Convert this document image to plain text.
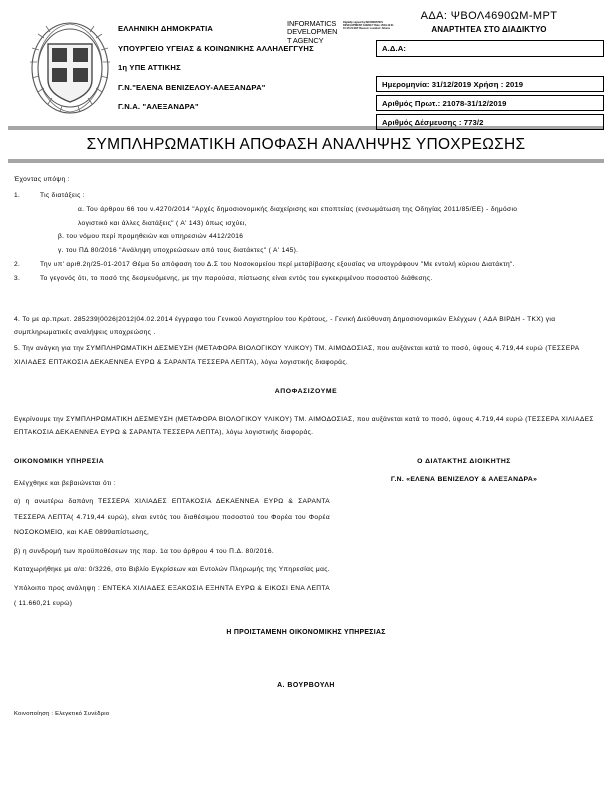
ΕΛΛΗΝΙΚΗ ΔΗΜΟΚΡΑΤΙΑ
ΥΠΟΥΡΓΕΙΟ ΥΓΕΙΑΣ & ΚΟΙΝΩΝΙΚΗΣ ΑΛΛΗΛΕΓΓΥΗΣ
1η ΥΠΕ ΑΤΤΙΚΗΣ
Γ.Ν."ΕΛΕΝΑ ΒΕΝΙΖΕΛΟΥ-ΑΛΕΞΑΝΔΡΑ"
Γ.Ν.Α. "ΑΛΕΞΑΝΔΡΑ"
INFORMATICS
DEVELOPMEN
T AGENCY
Digitally signed by INFORMATICS DEVELOPMENT AGENCY Date: 2019.12.31 10:15:21 EET Reason: Location: Athens
ΑΔΑ: ΨΒΟΛ4690ΩΜ-ΜΡΤ
ΑΝΑΡΤΗΤΕΑ ΣΤΟ ΔΙΑΔΙΚΤΥΟ
Α.Δ.Α:
Ημερομηνία: 31/12/2019 Χρήση : 2019
Αριθμός Πρωτ.: 21078-31/12/2019
Αριθμός Δέσμευσης : 773/2
ΣΥΜΠΛΗΡΩΜΑΤΙΚΗ ΑΠΟΦΑΣΗ ΑΝΑΛΗΨΗΣ ΥΠΟΧΡΕΩΣΗΣ
Έχοντας υπόψη :
1.	Τις διατάξεις :
α. Του άρθρου 66 του ν.4270/2014 "Αρχές δημοσιονομικής διαχείρισης και εποπτείας (ενσωμάτωση της Οδηγίας 2011/85/ΕΕ) - δημόσιο
λογιστικό και άλλες διατάξεις" ( Α' 143) όπως ισχύει,
β. του νόμου περί προμηθειών και υπηρεσιών 4412/2016
γ. του ΠΔ 80/2016 "Ανάληψη υποχρεώσεων από τους διατάκτες" ( Α' 145).
2.	Την υπ' αριθ.2η/25-01-2017 Θέμα 5ο απόφαση του Δ.Σ του Νοσοκομείου περί μεταβίβασης εξουσίας να υπογράφουν "Με εντολή κύριου Διατάκτη".
3.	Το γεγονός ότι, το ποσό της δεσμευόμενης, με την παρούσα, πίστωσης είναι εντός του εγκεκριμένου ποσοστού διάθεσης.
4. Το με αρ.πρωτ. 285239|0026|2012|04.02.2014 έγγραφο του Γενικού Λογιστηρίου του Κράτους, - Γενική Διεύθυνση Δημοσιονομικών Ελέγχων ( ΑΔΑ ΒΙΡΔΗ - ΤΚΧ) για συμπληρωματικές αναλήψεις υποχρεώσης .
5. Την ανάγκη για την ΣΥΜΠΛΗΡΩΜΑΤΙΚΗ ΔΕΣΜΕΥΣΗ (ΜΕΤΑΦΟΡΑ ΒΙΟΛΟΓΙΚΟΥ ΥΛΙΚΟΥ) ΤΜ. ΑΙΜΟΔΟΣΙΑΣ, που αυξάνεται κατά το ποσό, ύψους 4.719,44 ευρώ (ΤΕΣΣΕΡΑ ΧΙΛΙΑΔΕΣ ΕΠΤΑΚΟΣΙΑ ΔΕΚΑΕΝΝΕΑ ΕΥΡΩ & ΣΑΡΑΝΤΑ ΤΕΣΣΕΡΑ ΛΕΠΤΑ), λόγω λογιστικής διαφοράς.
ΑΠΟΦΑΣΙΖΟΥΜΕ
Εγκρίνουμε την ΣΥΜΠΛΗΡΩΜΑΤΙΚΗ ΔΕΣΜΕΥΣΗ (ΜΕΤΑΦΟΡΑ ΒΙΟΛΟΓΙΚΟΥ ΥΛΙΚΟΥ) ΤΜ. ΑΙΜΟΔΟΣΙΑΣ, που αυξάνεται κατά το ποσό, ύψους 4.719,44 ευρώ (ΤΕΣΣΕΡΑ ΧΙΛΙΑΔΕΣ ΕΠΤΑΚΟΣΙΑ ΔΕΚΑΕΝΝΕΑ ΕΥΡΩ & ΣΑΡΑΝΤΑ ΤΕΣΣΕΡΑ ΛΕΠΤΑ), λόγω λογιστικής διαφοράς.
ΟΙΚΟΝΟΜΙΚΗ ΥΠΗΡΕΣΙΑ
Ελέγχθηκε και βεβαιώνεται ότι :
α) η ανωτέρω δαπάνη ΤΕΣΣΕΡΑ ΧΙΛΙΑΔΕΣ ΕΠΤΑΚΟΣΙΑ ΔΕΚΑΕΝΝΕΑ ΕΥΡΩ & ΣΑΡΑΝΤΑ ΤΕΣΣΕΡΑ ΛΕΠΤΑ( 4.719,44 ευρώ), είναι εντός του διαθέσιμου ποσοστού του Φορέα του Φορέα ΝΟΣΟΚΟΜΕΙΟ, και ΚΑΕ 0899απίστωσης,
β) η συνδρομή των προϋποθέσεων της παρ. 1α του άρθρου 4 του Π.Δ. 80/2016.
Καταχωρήθηκε με α/α: 0/3226, στο Βιβλίο Εγκρίσεων και Εντολών Πληρωμής της Υπηρεσίας μας.
Υπόλοιπο προς ανάληψη : ΕΝΤΕΚΑ ΧΙΛΙΑΔΕΣ ΕΞΑΚΟΣΙΑ ΕΞΗΝΤΑ ΕΥΡΩ & ΕΙΚΟΣΙ ΕΝΑ ΛΕΠΤΑ ( 11.660,21 ευρώ)
Ο ΔΙΑΤΑΚΤΗΣ ΔΙΟΙΚΗΤΗΣ
Γ.Ν. «ΕΛΕΝΑ ΒΕΝΙΖΕΛΟΥ & ΑΛΕΞΑΝΔΡΑ»
Η ΠΡΟΙΣΤΑΜΕΝΗ ΟΙΚΟΝΟΜΙΚΗΣ ΥΠΗΡΕΣΙΑΣ
Α. ΒΟΥΡΒΟΥΛΗ
Κοινοποίηση : Ελεγκτικό Συνέδριο
